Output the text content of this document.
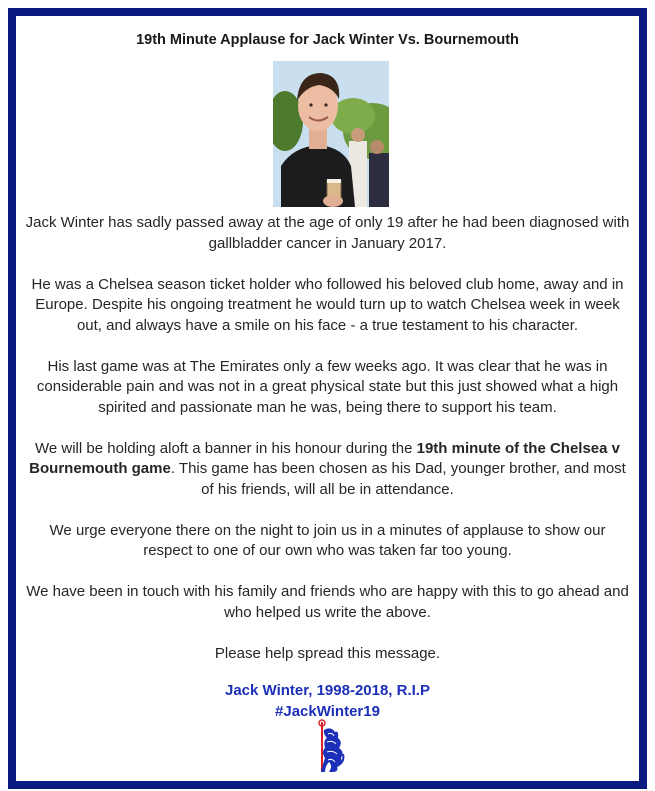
19th Minute Applause for Jack Winter Vs. Bournemouth

Jack Winter has sadly passed away at the age of only 19 after he had been diagnosed with gallbladder cancer in January 2017.

He was a Chelsea season ticket holder who followed his beloved club home, away and in Europe. Despite his ongoing treatment he would turn up to watch Chelsea week in week out, and always have a smile on his face - a true testament to his character.

His last game was at The Emirates only a few weeks ago. It was clear that he was in considerable pain and was not in a great physical state but this just showed what a high spirited and passionate man he was, being there to support his team.

We will be holding aloft a banner in his honour during the 19th minute of the Chelsea v Bournemouth game. This game has been chosen as his Dad, younger brother, and most of his friends, will all be in attendance.

We urge everyone there on the night to join us in a minutes of applause to show our respect to one of our own who was taken far too young.

We have been in touch with his family and friends who are happy with this to go ahead and who helped us write the above.

Please help spread this message.

Jack Winter, 1998-2018, R.I.P
#JackWinter19
